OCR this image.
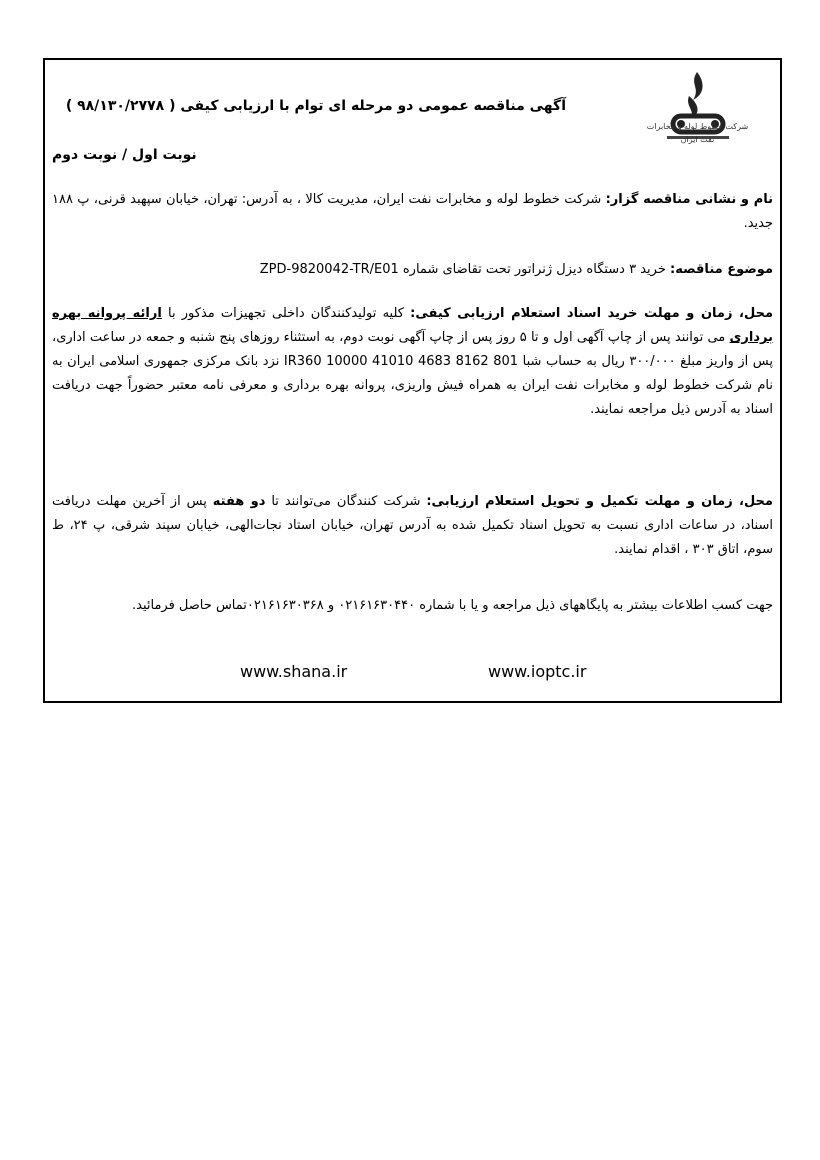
شرکت خطوط لوله و مخابرات نفت ایران
آگهی مناقصه عمومی دو مرحله ای توام با ارزیابی کیفی ( ۹۸/۱۳۰/۲۷۷۸ )
نوبت اول / نوبت دوم
نام و نشانی مناقصه گزار: شرکت خطوط لوله و مخابرات نفت ایران، مدیریت کالا ، به آدرس: تهران، خیابان سپهبد قرنی، پ ۱۸۸ جدید.
موضوع مناقصه: خرید ۳ دستگاه دیزل ژنراتور تحت تقاضای شماره ZPD-9820042-TR/E01
محل، زمان و مهلت خرید اسناد استعلام ارزیابی کیفی: کلیه تولیدکنندگان داخلی تجهیزات مذکور با ارائه پروانه بهره برداری می توانند پس از چاپ آگهی اول و تا ۵ روز پس از چاپ آگهی نوبت دوم، به استثناء روزهای پنج شنبه و جمعه در ساعت اداری، پس از واریز مبلغ ۳۰۰/۰۰۰ ریال به حساب شبا IR360 10000 41010 4683 8162 801 نزد بانک مرکزی جمهوری اسلامی ایران به نام شرکت خطوط لوله و مخابرات نفت ایران به همراه فیش واریزی، پروانه بهره برداری و معرفی نامه معتبر حضوراً جهت دریافت اسناد به آدرس ذیل مراجعه نمایند.
محل، زمان و مهلت تکمیل و تحویل استعلام ارزیابی: شرکت کنندگان می‌توانند تا دو هفته پس از آخرین مهلت دریافت اسناد، در ساعات اداری نسبت به تحویل اسناد تکمیل شده به آدرس تهران، خیابان استاد نجات‌الهی، خیابان سپند شرقی، پ ۲۴، ط سوم، اتاق ۳۰۳ ، اقدام نمایند.
جهت کسب اطلاعات بیشتر به پایگاههای ذیل مراجعه و یا با شماره ۰۲۱۶۱۶۳۰۴۴۰ و ۰۲۱۶۱۶۳۰۳۶۸تماس حاصل فرمائید.
www.shana.ir	www.ioptc.ir
